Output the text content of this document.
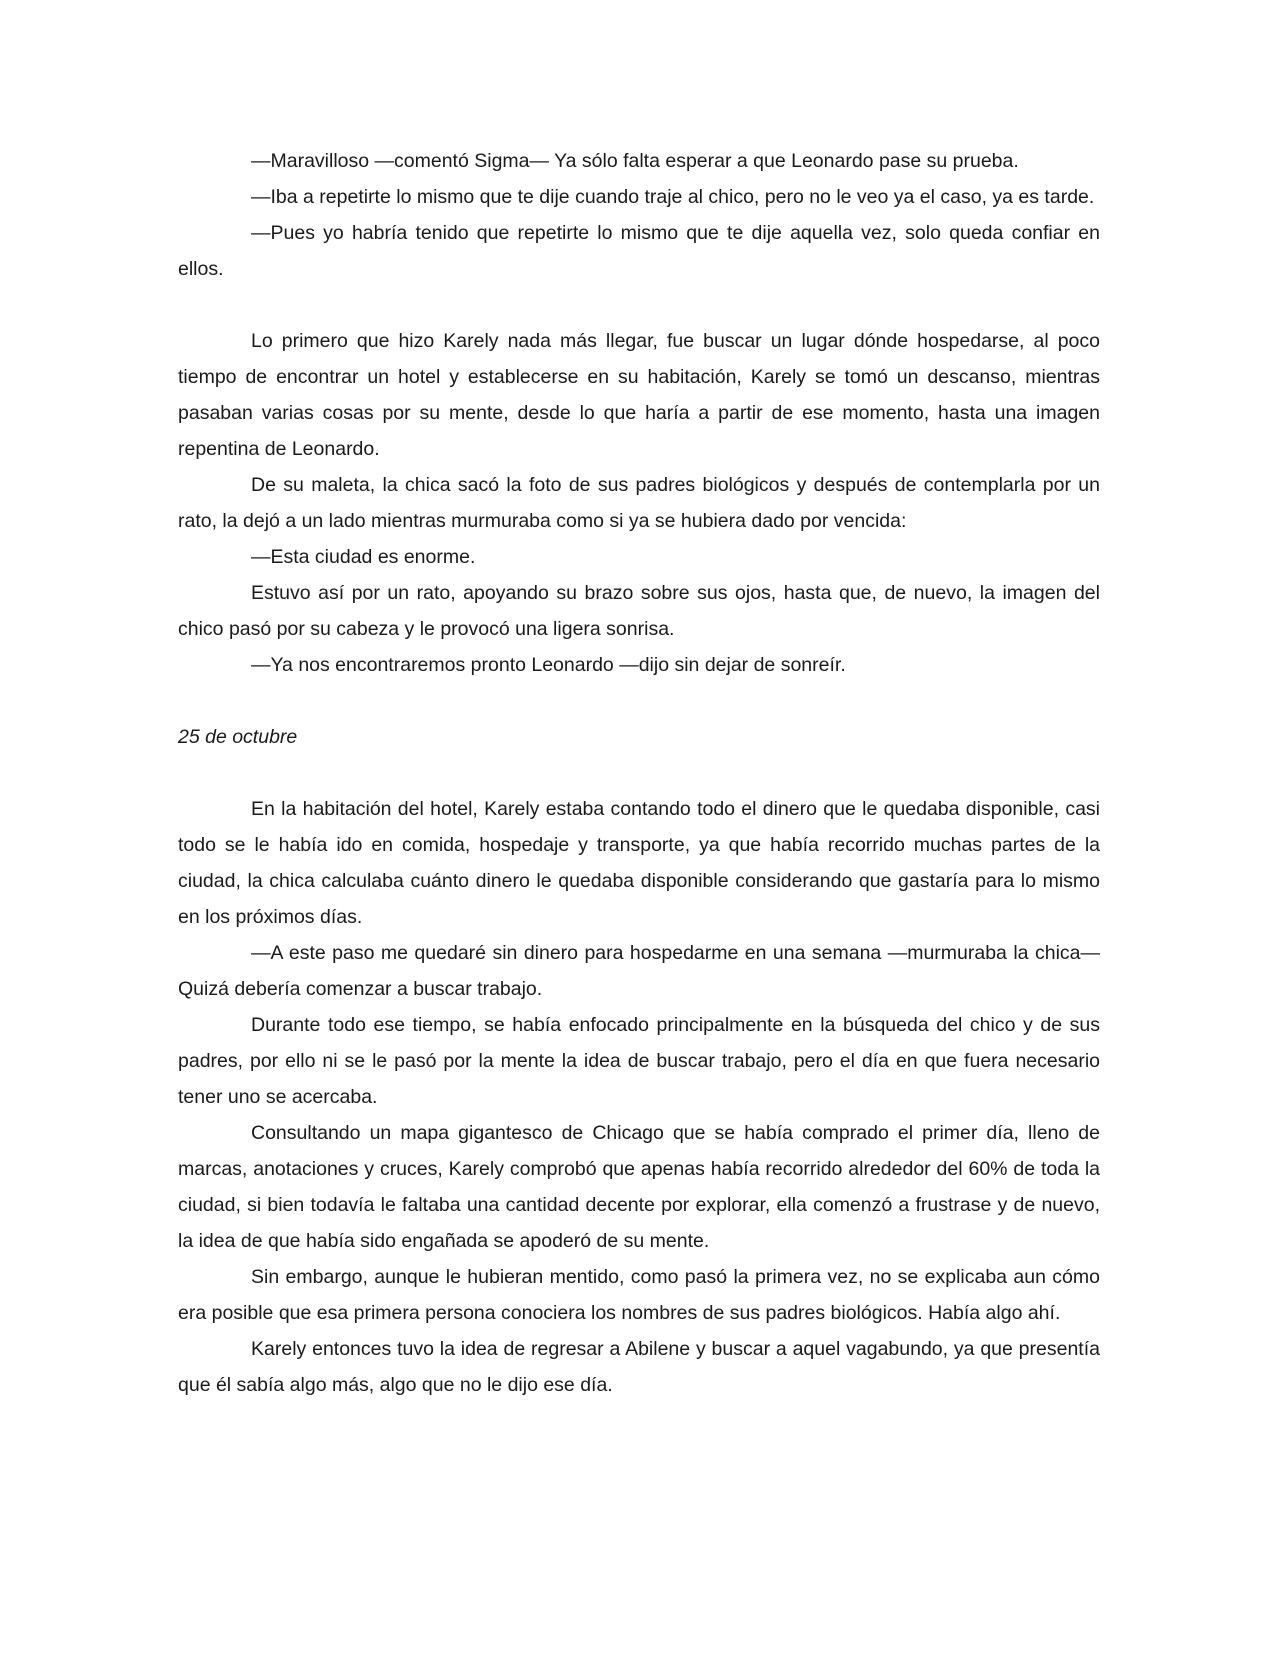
—Maravilloso —comentó Sigma— Ya sólo falta esperar a que Leonardo pase su prueba.

—Iba a repetirte lo mismo que te dije cuando traje al chico, pero no le veo ya el caso, ya es tarde.

—Pues yo habría tenido que repetirte lo mismo que te dije aquella vez, solo queda confiar en ellos.

Lo primero que hizo Karely nada más llegar, fue buscar un lugar dónde hospedarse, al poco tiempo de encontrar un hotel y establecerse en su habitación, Karely se tomó un descanso, mientras pasaban varias cosas por su mente, desde lo que haría a partir de ese momento, hasta una imagen repentina de Leonardo.

De su maleta, la chica sacó la foto de sus padres biológicos y después de contemplarla por un rato, la dejó a un lado mientras murmuraba como si ya se hubiera dado por vencida:

—Esta ciudad es enorme.

Estuvo así por un rato, apoyando su brazo sobre sus ojos, hasta que, de nuevo, la imagen del chico pasó por su cabeza y le provocó una ligera sonrisa.

—Ya nos encontraremos pronto Leonardo —dijo sin dejar de sonreír.

25 de octubre

En la habitación del hotel, Karely estaba contando todo el dinero que le quedaba disponible, casi todo se le había ido en comida, hospedaje y transporte, ya que había recorrido muchas partes de la ciudad, la chica calculaba cuánto dinero le quedaba disponible considerando que gastaría para lo mismo en los próximos días.

—A este paso me quedaré sin dinero para hospedarme en una semana —murmuraba la chica— Quizá debería comenzar a buscar trabajo.

Durante todo ese tiempo, se había enfocado principalmente en la búsqueda del chico y de sus padres, por ello ni se le pasó por la mente la idea de buscar trabajo, pero el día en que fuera necesario tener uno se acercaba.

Consultando un mapa gigantesco de Chicago que se había comprado el primer día, lleno de marcas, anotaciones y cruces, Karely comprobó que apenas había recorrido alrededor del 60% de toda la ciudad, si bien todavía le faltaba una cantidad decente por explorar, ella comenzó a frustrase y de nuevo, la idea de que había sido engañada se apoderó de su mente.

Sin embargo, aunque le hubieran mentido, como pasó la primera vez, no se explicaba aun cómo era posible que esa primera persona conociera los nombres de sus padres biológicos. Había algo ahí.

Karely entonces tuvo la idea de regresar a Abilene y buscar a aquel vagabundo, ya que presentía que él sabía algo más, algo que no le dijo ese día.
